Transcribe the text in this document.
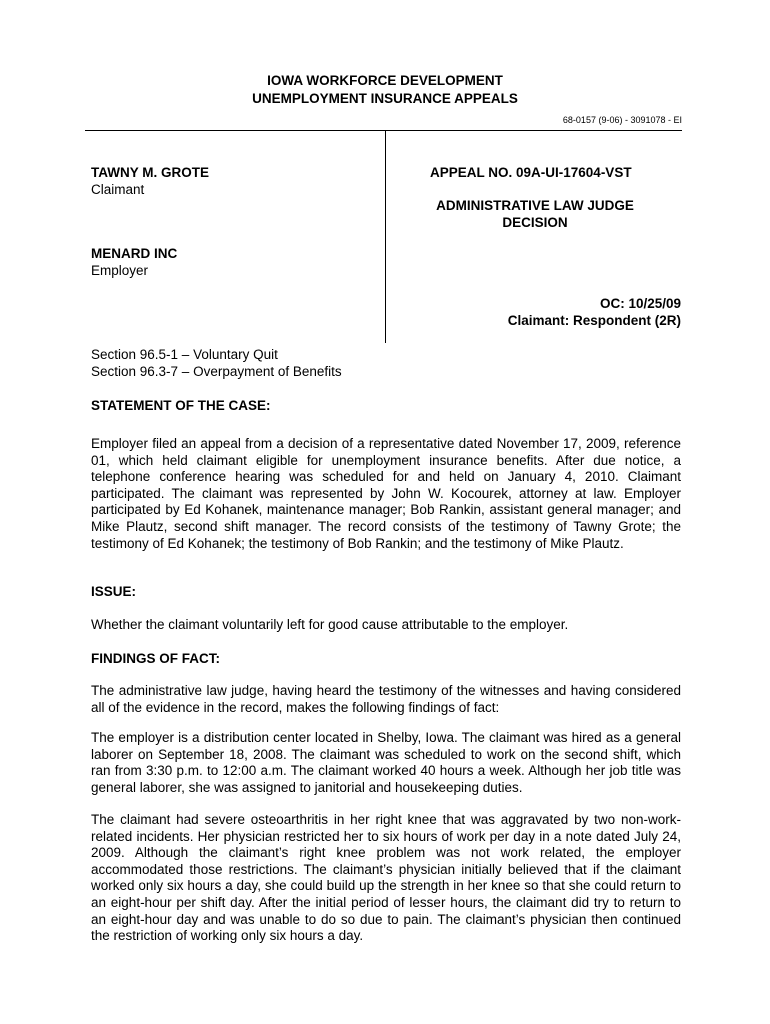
IOWA WORKFORCE DEVELOPMENT
UNEMPLOYMENT INSURANCE APPEALS
68-0157 (9-06) - 3091078 - EI
TAWNY M. GROTE
Claimant
MENARD INC
Employer
APPEAL NO. 09A-UI-17604-VST
ADMINISTRATIVE LAW JUDGE
DECISION
OC: 10/25/09
Claimant: Respondent (2R)
Section 96.5-1 – Voluntary Quit
Section 96.3-7 – Overpayment of Benefits
STATEMENT OF THE CASE:
Employer filed an appeal from a decision of a representative dated November 17, 2009, reference 01, which held claimant eligible for unemployment insurance benefits. After due notice, a telephone conference hearing was scheduled for and held on January 4, 2010. Claimant participated. The claimant was represented by John W. Kocourek, attorney at law. Employer participated by Ed Kohanek, maintenance manager; Bob Rankin, assistant general manager; and Mike Plautz, second shift manager. The record consists of the testimony of Tawny Grote; the testimony of Ed Kohanek; the testimony of Bob Rankin; and the testimony of Mike Plautz.
ISSUE:
Whether the claimant voluntarily left for good cause attributable to the employer.
FINDINGS OF FACT:
The administrative law judge, having heard the testimony of the witnesses and having considered all of the evidence in the record, makes the following findings of fact:
The employer is a distribution center located in Shelby, Iowa. The claimant was hired as a general laborer on September 18, 2008. The claimant was scheduled to work on the second shift, which ran from 3:30 p.m. to 12:00 a.m. The claimant worked 40 hours a week. Although her job title was general laborer, she was assigned to janitorial and housekeeping duties.
The claimant had severe osteoarthritis in her right knee that was aggravated by two non-work-related incidents. Her physician restricted her to six hours of work per day in a note dated July 24, 2009. Although the claimant’s right knee problem was not work related, the employer accommodated those restrictions. The claimant’s physician initially believed that if the claimant worked only six hours a day, she could build up the strength in her knee so that she could return to an eight-hour per shift day. After the initial period of lesser hours, the claimant did try to return to an eight-hour day and was unable to do so due to pain. The claimant’s physician then continued the restriction of working only six hours a day.
